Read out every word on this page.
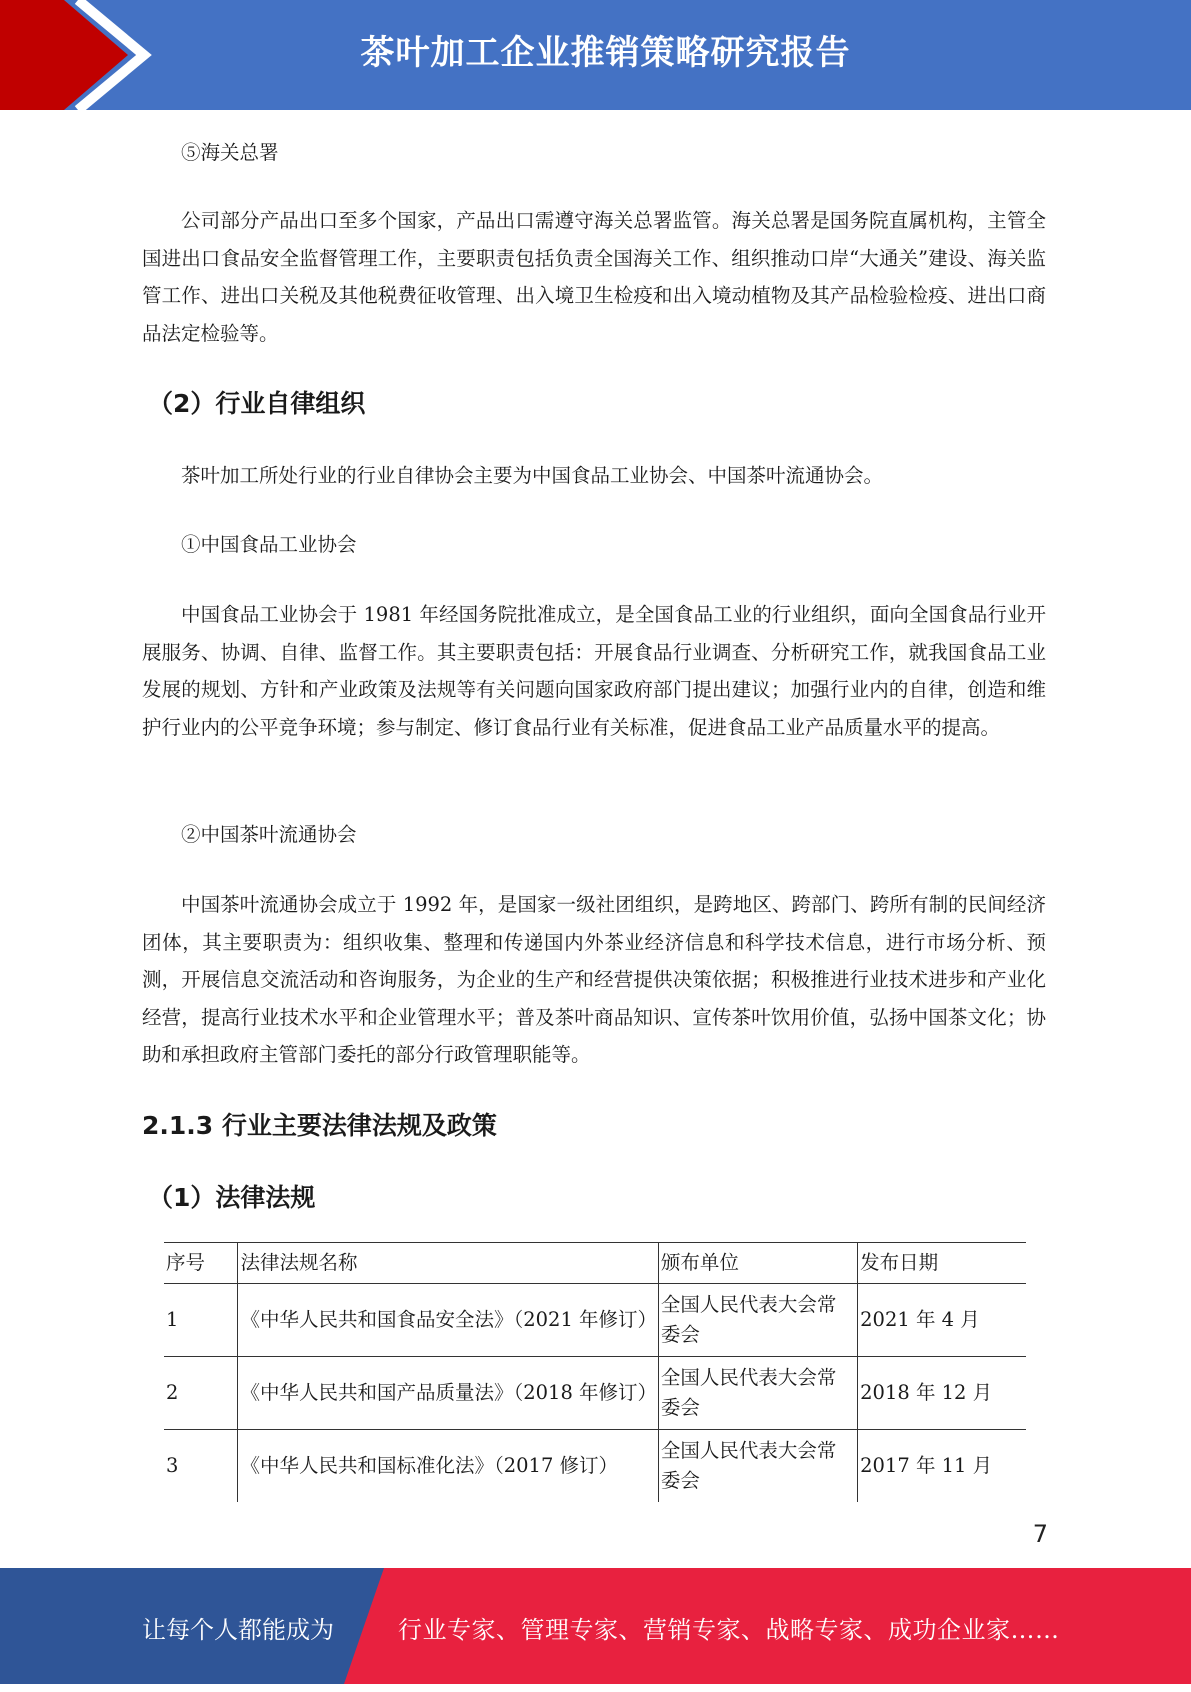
茶叶加工企业推销策略研究报告
⑤海关总署

公司部分产品出口至多个国家，产品出口需遵守海关总署监管。海关总署是国务院直属机构，主管全国进出口食品安全监督管理工作，主要职责包括负责全国海关工作、组织推动口岸“大通关”建设、海关监管工作、进出口关税及其他税费征收管理、出入境卫生检疫和出入境动植物及其产品检验检疫、进出口商品法定检验等。

（2）行业自律组织
茶叶加工所处行业的行业自律协会主要为中国食品工业协会、中国茶叶流通协会。
①中国食品工业协会

中国食品工业协会于 1981 年经国务院批准成立，是全国食品工业的行业组织，面向全国食品行业开展服务、协调、自律、监督工作。其主要职责包括：开展食品行业调查、分析研究工作，就我国食品工业发展的规划、方针和产业政策及法规等有关问题向国家政府部门提出建议；加强行业内的自律，创造和维护行业内的公平竞争环境；参与制定、修订食品行业有关标准，促进食品工业产品质量水平的提高。

②中国茶叶流通协会

中国茶叶流通协会成立于 1992 年，是国家一级社团组织，是跨地区、跨部门、跨所有制的民间经济团体，其主要职责为：组织收集、整理和传递国内外茶业经济信息和科学技术信息，进行市场分析、预测，开展信息交流活动和咨询服务，为企业的生产和经营提供决策依据；积极推进行业技术进步和产业化经营，提高行业技术水平和企业管理水平；普及茶叶商品知识、宣传茶叶饮用价值，弘扬中国茶文化；协助和承担政府主管部门委托的部分行政管理职能等。

2.1.3 行业主要法律法规及政策
（1）法律法规
序号	法律法规名称	颁布单位	发布日期
1	《中华人民共和国食品安全法》（2021 年修订）	全国人民代表大会常委会	2021 年 4 月
2	《中华人民共和国产品质量法》（2018 年修订）	全国人民代表大会常委会	2018 年 12 月
3	《中华人民共和国标准化法》（2017 修订）	全国人民代表大会常委会	2017 年 11 月
7
让每个人都能成为	行业专家、管理专家、营销专家、战略专家、成功企业家……
